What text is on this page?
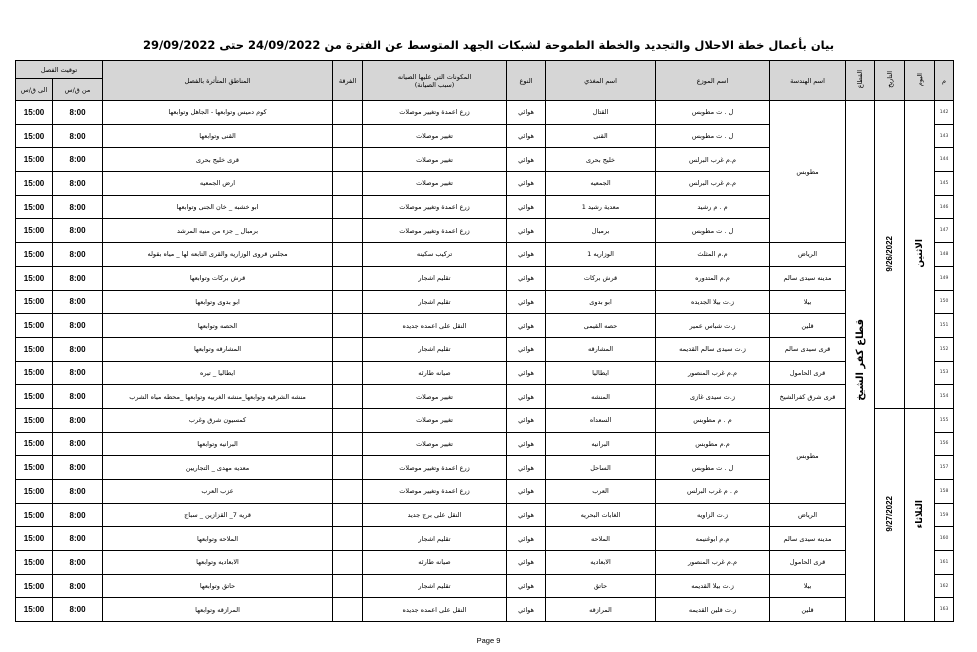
بيان بأعمال خطة الاحلال والتجديد والخطة الطموحة لشبكات الجهد المتوسط عن الفترة من 24/09/2022 حتى 29/09/2022
م	اليوم	التاريخ	القطاع	اسم الهندسة	اسم الموزع	اسم المغذي	النوع	المكونات التي عليها الصيانه
(سبب الصيانة)	الفرقة	المناطق المتأثرة بالفصل	توقيت الفصل	
											من ق/س	الى ق/س
142	الاثنين	9/26/2022	قطاع كفر الشيخ	مطوبس	ل . ت مطوبس	القتال	هوائي	زرع اعمدة وتغيير موصلات		كوم دميس وتوابعها - الجاهل وتوابعها	8:00	15:00
143					ل . ت مطوبس	القنى	هوائي	تغيير موصلات		القنى وتوابعها	8:00	15:00
144					م.م غرب البرلس	خليج بحرى	هوائي	تغيير موصلات		قرى خليج بحرى	8:00	15:00
145					م.م غرب البرلس	الجمعيه	هوائي	تغيير موصلات		ارض الجمعيه	8:00	15:00
146					م . م رشيد	معدية رشيد 1	هوائي	زرع اعمدة وتغيير موصلات		ابو خشبه _ خان الجنى وتوابعها	8:00	15:00
147					ل . ت مطوبس	برمبال	هوائي	زرع اعمدة وتغيير موصلات		برمبال _ جزء من منيه المرشد	8:00	15:00
148				الرياض	م.م المثلث	الوزاريه 1	هوائي	تركيب سكينه		مجلس قروى الوزاريه والقرى التابعه لها _ مياه بقوله	8:00	15:00
149				مدينه سيدى سالم	م.م المتدوره	قرش بركات	هوائي	تقليم اشجار		قرش بركات وتوابعها	8:00	15:00
150				بيلا	ز.ت بيلا الجديده	ابو بدوى	هوائي	تقليم اشجار		ابو بدوى وتوابعها	8:00	15:00
151				قلين	ز.ت شباس عمير	حصه القيمى	هوائي	النقل على اعمده جديده		الحصه وتوابعها	8:00	15:00
152				قرى سيدى سالم	ز.ت سيدى سالم القديمه	المشارقه	هوائي	تقليم اشجار		المشارقه وتوابعها	8:00	15:00
153				قرى الحامول	م.م غرب المنصور	ايطاليا	هوائي	صيانه طارئه		ايطاليا _ تيره	8:00	15:00
154				قرى شرق كفرالشيخ	ز.ت سيدى غازى	المنشه	هوائي	تغيير موصلات		منشه الشرقيه وتوابعها_منشه الغربيه وتوابعها _محطه مياه الشرب	8:00	15:00
155	الثلاثاء	9/27/2022		مطوبس	م . م مطوبس	السعداه	هوائي	تغيير موصلات		كمسيون شرق وغرب	8:00	15:00
156					م.م مطوبس	البرانيه	هوائي	تغيير موصلات		البرانيه وتوابعها	8:00	15:00
157					ل . ت مطوبس	الساحل	هوائي	زرع اعمدة وتغيير موصلات		معديه مهدى _ التجاريين	8:00	15:00
158					م . م غرب البرلس	العرب	هوائي	زرع اعمدة وتغيير موصلات		عزب العرب	8:00	15:00
159				الرياض	ز.ت الزاويه	الغابات البحريه	هوائي	النقل على برج جديد		قريه 7_ القزازين _ سباج	8:00	15:00
160				مدينه سيدى سالم	م.م ابوغنيمه	الملاحه	هوائي	تقليم اشجار		الملاحه وتوابعها	8:00	15:00
161				قرى الحامول	م.م غرب المنصور	الابعاديه	هوائي	صيانه طارئه		الابعاديه وتوابعها	8:00	15:00
162				بيلا	ز.ت بيلا القديمه	حاتق	هوائي	تقليم اشجار		حاتق وتوابعها	8:00	15:00
163				قلين	ز.ت قلين القديمه	المرازقه	هوائي	النقل على اعمده جديده		المرازقه وتوابعها	8:00	15:00
Page 9
